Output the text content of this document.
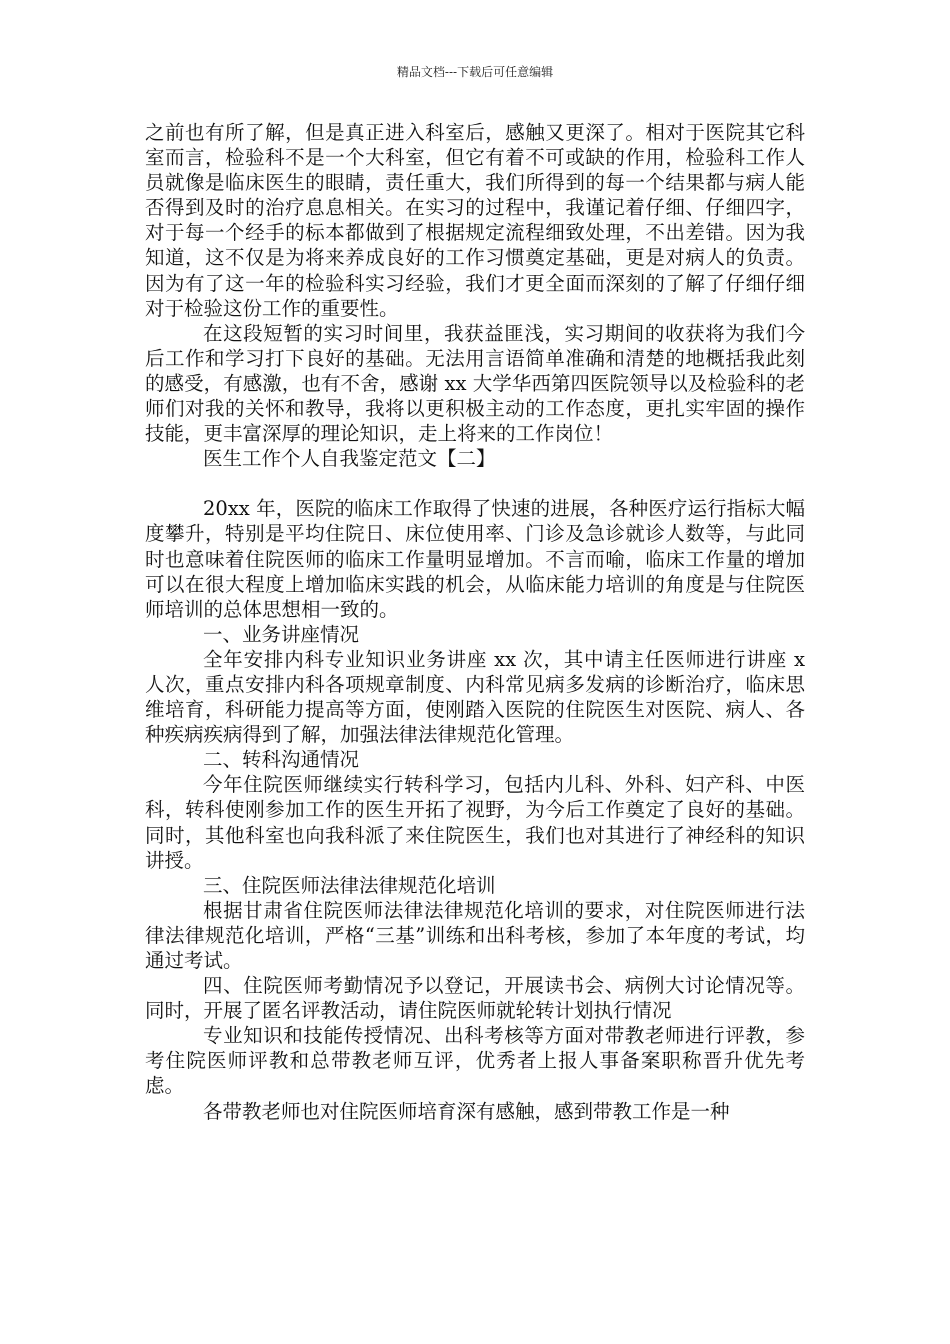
精品文档---下载后可任意编辑

之前也有所了解，但是真正进入科室后，感触又更深了。相对于医院其它科室而言，检验科不是一个大科室，但它有着不可或缺的作用，检验科工作人员就像是临床医生的眼睛，责任重大，我们所得到的每一个结果都与病人能否得到及时的治疗息息相关。在实习的过程中，我谨记着仔细、仔细四字，对于每一个经手的标本都做到了根据规定流程细致处理，不出差错。因为我知道，这不仅是为将来养成良好的工作习惯奠定基础，更是对病人的负责。因为有了这一年的检验科实习经验，我们才更全面而深刻的了解了仔细仔细对于检验这份工作的重要性。

在这段短暂的实习时间里，我获益匪浅，实习期间的收获将为我们今后工作和学习打下良好的基础。无法用言语简单准确和清楚的地概括我此刻的感受，有感激，也有不舍，感谢 xx 大学华西第四医院领导以及检验科的老师们对我的关怀和教导，我将以更积极主动的工作态度，更扎实牢固的操作技能，更丰富深厚的理论知识，走上将来的工作岗位！

医生工作个人自我鉴定范文【二】

20xx 年，医院的临床工作取得了快速的进展，各种医疗运行指标大幅度攀升，特别是平均住院日、床位使用率、门诊及急诊就诊人数等，与此同时也意味着住院医师的临床工作量明显增加。不言而喻，临床工作量的增加可以在很大程度上增加临床实践的机会，从临床能力培训的角度是与住院医师培训的总体思想相一致的。

一、业务讲座情况

全年安排内科专业知识业务讲座 xx 次，其中请主任医师进行讲座 x 人次，重点安排内科各项规章制度、内科常见病多发病的诊断治疗，临床思维培育，科研能力提高等方面，使刚踏入医院的住院医生对医院、病人、各种疾病疾病得到了解，加强法律法律规范化管理。

二、转科沟通情况

今年住院医师继续实行转科学习，包括内儿科、外科、妇产科、中医科，转科使刚参加工作的医生开拓了视野，为今后工作奠定了良好的基础。同时，其他科室也向我科派了来住院医生，我们也对其进行了神经科的知识讲授。

三、住院医师法律法律规范化培训

根据甘肃省住院医师法律法律规范化培训的要求，对住院医师进行法律法律规范化培训，严格“三基”训练和出科考核，参加了本年度的考试，均通过考试。

四、住院医师考勤情况予以登记，开展读书会、病例大讨论情况等。同时，开展了匿名评教活动，请住院医师就轮转计划执行情况

专业知识和技能传授情况、出科考核等方面对带教老师进行评教，参考住院医师评教和总带教老师互评，优秀者上报人事备案职称晋升优先考虑。

各带教老师也对住院医师培育深有感触，感到带教工作是一种
